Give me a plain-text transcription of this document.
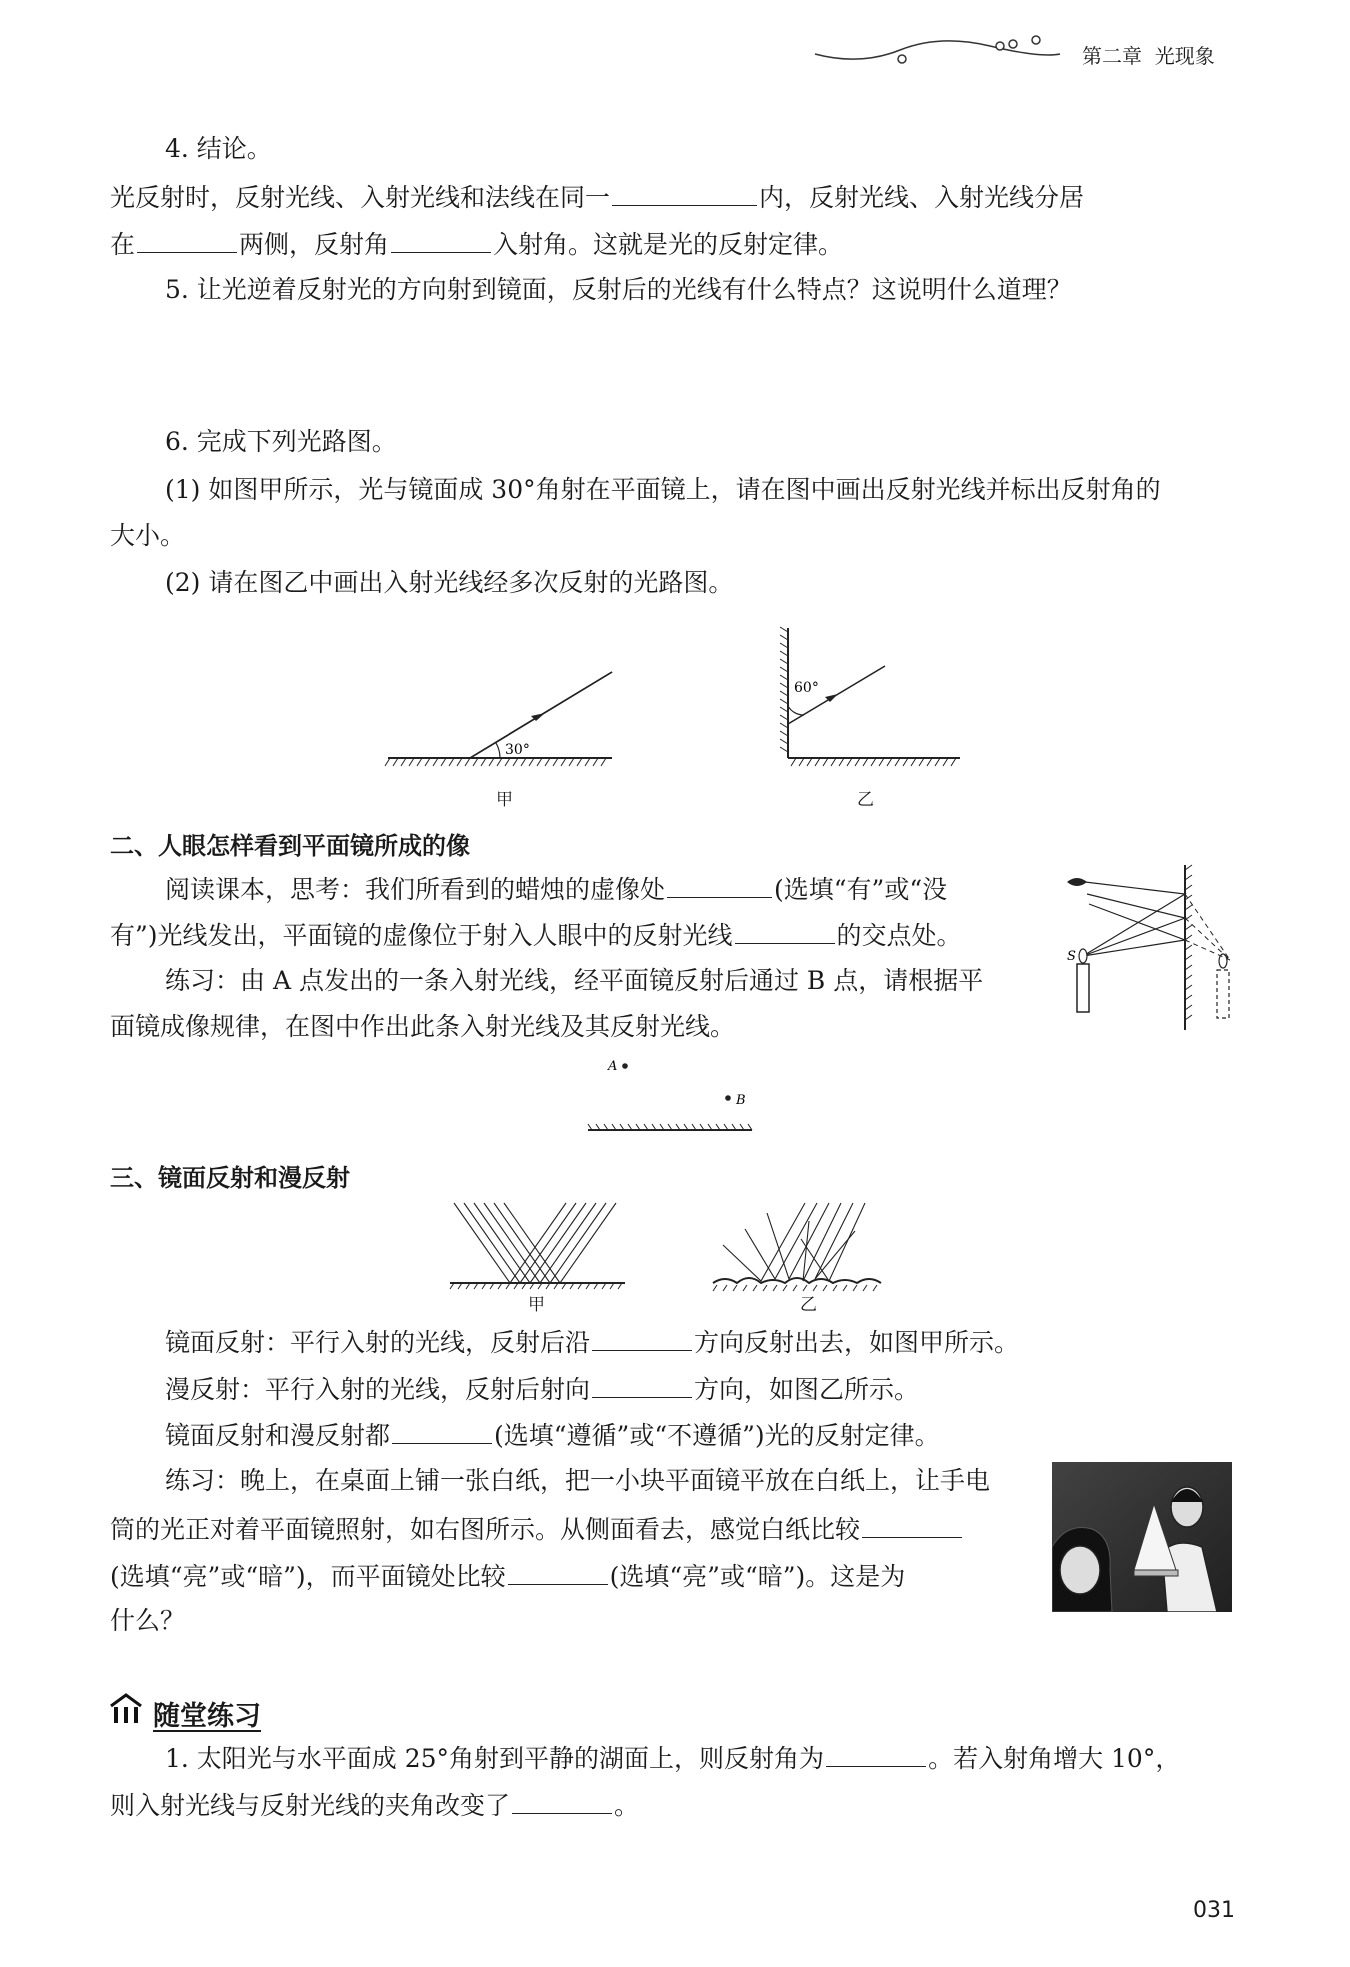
第二章 光现象
4. 结论。
光反射时，反射光线、入射光线和法线在同一	内，反射光线、入射光线分居
在	两侧，反射角	入射角。这就是光的反射定律。
5. 让光逆着反射光的方向射到镜面，反射后的光线有什么特点？这说明什么道理？
6. 完成下列光路图。
(1) 如图甲所示，光与镜面成 30°角射在平面镜上，请在图中画出反射光线并标出反射角的
大小。
(2) 请在图乙中画出入射光线经多次反射的光路图。
30°
甲
60°
乙
二、人眼怎样看到平面镜所成的像
阅读课本，思考：我们所看到的蜡烛的虚像处	(选填“有”或“没
有”)光线发出，平面镜的虚像位于射入人眼中的反射光线	的交点处。
练习：由 A 点发出的一条入射光线，经平面镜反射后通过 B 点，请根据平
面镜成像规律，在图中作出此条入射光线及其反射光线。
S
A
B
三、镜面反射和漫反射
甲	乙
镜面反射：平行入射的光线，反射后沿	方向反射出去，如图甲所示。
漫反射：平行入射的光线，反射后射向	方向，如图乙所示。
镜面反射和漫反射都	(选填“遵循”或“不遵循”)光的反射定律。
练习：晚上，在桌面上铺一张白纸，把一小块平面镜平放在白纸上，让手电
筒的光正对着平面镜照射，如右图所示。从侧面看去，感觉白纸比较
(选填“亮”或“暗”)，而平面镜处比较	(选填“亮”或“暗”)。这是为
什么？
随堂练习
1. 太阳光与水平面成 25°角射到平静的湖面上，则反射角为	。若入射角增大 10°，
则入射光线与反射光线的夹角改变了	。
031
